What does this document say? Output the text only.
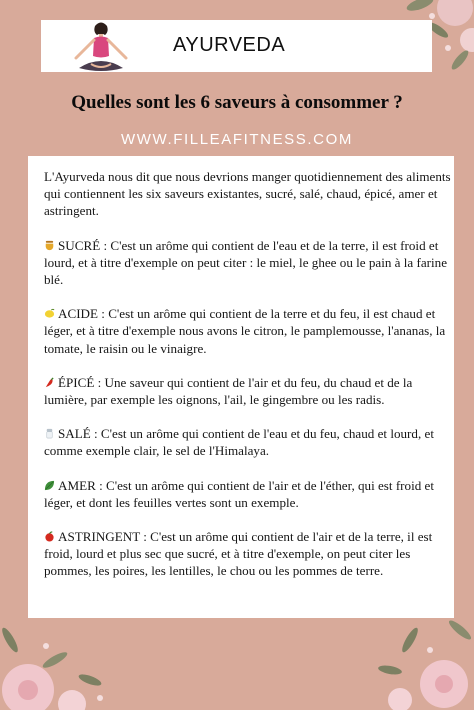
AYURVEDA
Quelles sont les 6 saveurs à consommer ?
WWW.FILLEAFITNESS.COM

L'Ayurveda nous dit que nous devrions manger quotidiennement des aliments qui contiennent les six saveurs existantes, sucré, salé, chaud, épicé, amer et astringent.

SUCRÉ : C'est un arôme qui contient de l'eau et de la terre, il est froid et lourd, et à titre d'exemple on peut citer : le miel, le ghee ou le pain à la farine blé.

ACIDE : C'est un arôme qui contient de la terre et du feu, il est chaud et léger, et à titre d'exemple nous avons le citron, le pamplemousse, l'ananas, la tomate, le raisin ou le vinaigre.

ÉPICÉ : Une saveur qui contient de l'air et du feu, du chaud et de la lumière, par exemple les oignons, l'ail, le gingembre ou les radis.

SALÉ : C'est un arôme qui contient de l'eau et du feu, chaud et lourd, et comme exemple clair, le sel de l'Himalaya.

AMER : C'est un arôme qui contient de l'air et de l'éther, qui est froid et léger, et dont les feuilles vertes sont un exemple.

ASTRINGENT : C'est un arôme qui contient de l'air et de la terre, il est froid, lourd et plus sec que sucré, et à titre d'exemple, on peut citer les pommes, les poires, les lentilles, le chou ou les pommes de terre.
